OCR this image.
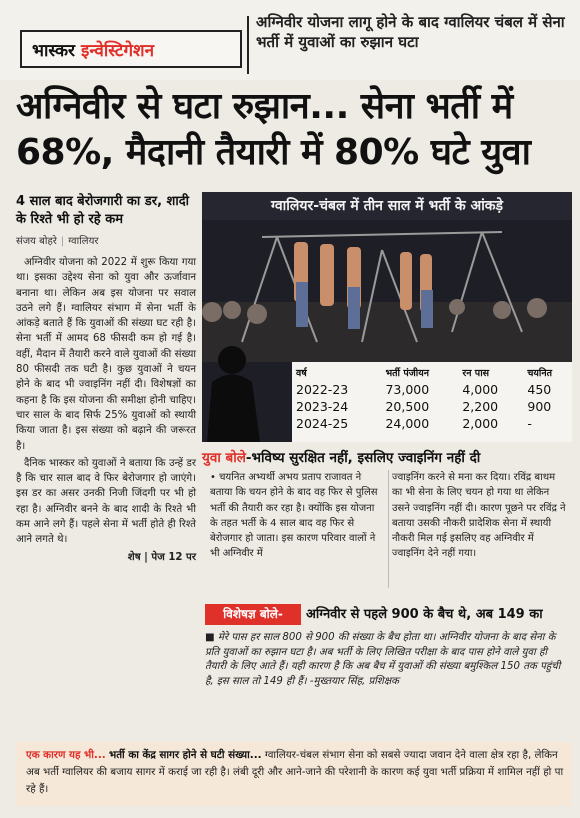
भास्कर इन्वेस्टिगेशन
अग्निवीर योजना लागू होने के बाद ग्वालियर चंबल में सेना भर्ती में युवाओं का रुझान घटा
अग्निवीर से घटा रुझान... सेना भर्ती में 68%, मैदानी तैयारी में 80% घटे युवा
4 साल बाद बेरोजगारी का डर, शादी के रिश्ते भी हो रहे कम
संजय बोहरे | ग्वालियर

अग्निवीर योजना को 2022 में शुरू किया गया था। इसका उद्देश्य सेना को युवा और ऊर्जावान बनाना था। लेकिन अब इस योजना पर सवाल उठने लगे हैं। ग्वालियर संभाग में सेना भर्ती के आंकड़े बताते हैं कि युवाओं की संख्या घट रही है। सेना भर्ती में आमद 68 फीसदी कम हो गई है। वहीं, मैदान में तैयारी करने वाले युवाओं की संख्या 80 फीसदी तक घटी है। कुछ युवाओं ने चयन होने के बाद भी ज्वाइनिंग नहीं दी। विशेषज्ञों का कहना है कि इस योजना की समीक्षा होनी चाहिए। चार साल के बाद सिर्फ 25% युवाओं को स्थायी किया जाता है। इस संख्या को बढ़ाने की जरूरत है।

दैनिक भास्कर को युवाओं ने बताया कि उन्हें डर है कि चार साल बाद वे फिर बेरोजगार हो जाएंगे। इस डर का असर उनकी निजी जिंदगी पर भी हो रहा है। अग्निवीर बनने के बाद शादी के रिश्ते भी कम आने लगे हैं। पहले सेना में भर्ती होते ही रिश्ते आने लगते थे।

शेष | पेज 12 पर
ग्वालियर-चंबल में तीन साल में भर्ती के आंकड़े
वर्ष	भर्ती पंजीयन	रन पास	चयनित
2022-23	73,000	4,000	450
2023-24	20,500	2,200	900
2024-25	24,000	2,000	-
युवा बोले-भविष्य सुरक्षित नहीं, इसलिए ज्वाइनिंग नहीं दी
• चयनित अभ्यर्थी अभय प्रताप राजावत ने बताया कि चयन होने के बाद वह फिर से पुलिस भर्ती की तैयारी कर रहा है। क्योंकि इस योजना के तहत भर्ती के 4 साल बाद वह फिर से बेरोजगार हो जाता। इस कारण परिवार वालों ने भी अग्निवीर में
ज्वाइनिंग करने से मना कर दिया। रविंद्र बाथम का भी सेना के लिए चयन हो गया था लेकिन उसने ज्वाइनिंग नहीं दी। कारण पूछने पर रविंद्र ने बताया उसकी नौकरी प्रादेशिक सेना में स्थायी नौकरी मिल गई इसलिए वह अग्निवीर में ज्वाइनिंग देने नहीं गया।
विशेषज्ञ बोले-	अग्निवीर से पहले 900 के बैच थे, अब 149 का
■ मेरे पास हर साल 800 से 900 की संख्या के बैच होता था। अग्निवीर योजना के बाद सेना के प्रति युवाओं का रुझान घटा है। अब भर्ती के लिए लिखित परीक्षा के बाद पास होने वाले युवा ही तैयारी के लिए आते हैं। यही कारण है कि अब बैच में युवाओं की संख्या बमुश्किल 150 तक पहुंची है, इस साल तो 149 ही हैं। -मुख्तयार सिंह, प्रशिक्षक
एक कारण यह भी... भर्ती का केंद्र सागर होने से घटी संख्या... ग्वालियर-चंबल संभाग सेना को सबसे ज्यादा जवान देने वाला क्षेत्र रहा है, लेकिन अब भर्ती ग्वालियर की बजाय सागर में कराई जा रही है। लंबी दूरी और आने-जाने की परेशानी के कारण कई युवा भर्ती प्रक्रिया में शामिल नहीं हो पा रहे हैं।
